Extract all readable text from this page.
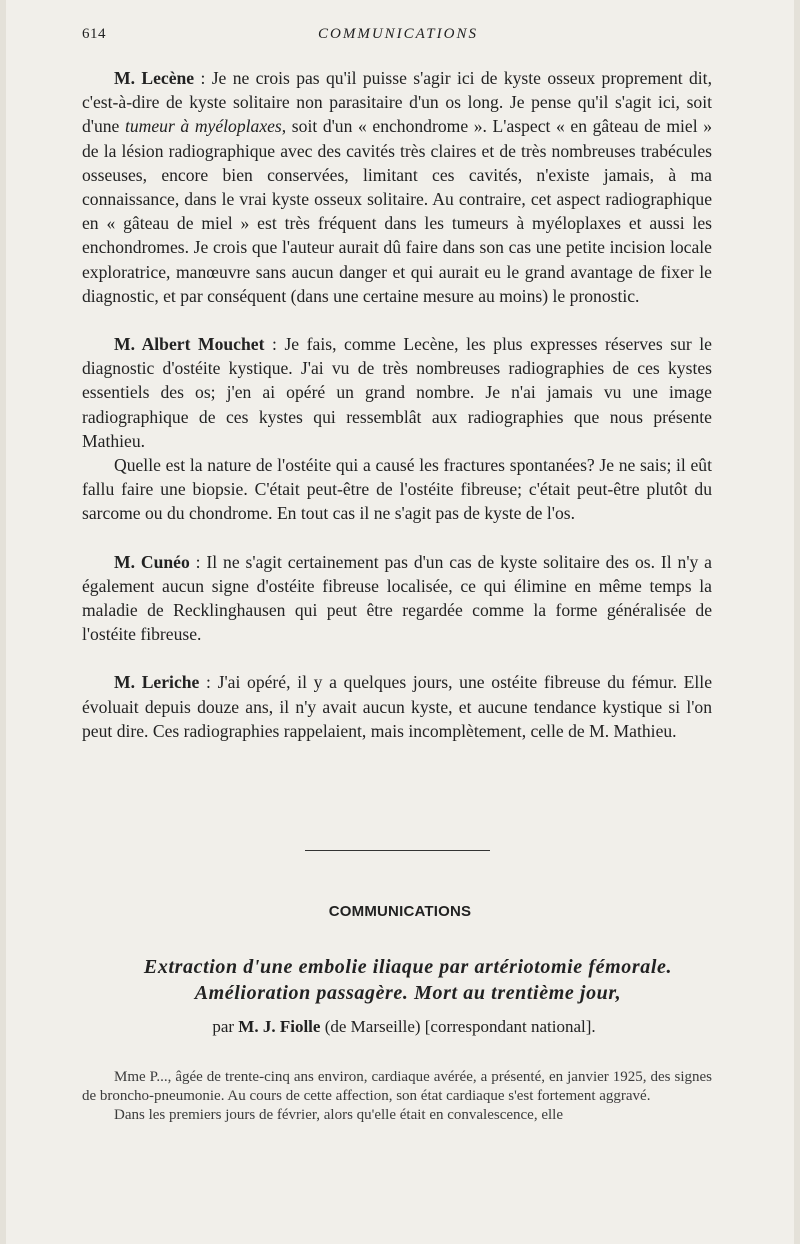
614	COMMUNICATIONS

M. Lecène : Je ne crois pas qu'il puisse s'agir ici de kyste osseux proprement dit, c'est-à-dire de kyste solitaire non parasitaire d'un os long. Je pense qu'il s'agit ici, soit d'une tumeur à myéloplaxes, soit d'un « enchondrome ». L'aspect « en gâteau de miel » de la lésion radiographique avec des cavités très claires et de très nombreuses trabécules osseuses, encore bien conservées, limitant ces cavités, n'existe jamais, à ma connaissance, dans le vrai kyste osseux solitaire. Au contraire, cet aspect radiographique en « gâteau de miel » est très fréquent dans les tumeurs à myéloplaxes et aussi les enchondromes. Je crois que l'auteur aurait dû faire dans son cas une petite incision locale exploratrice, manœuvre sans aucun danger et qui aurait eu le grand avantage de fixer le diagnostic, et par conséquent (dans une certaine mesure au moins) le pronostic.

M. Albert Mouchet : Je fais, comme Lecène, les plus expresses réserves sur le diagnostic d'ostéite kystique. J'ai vu de très nombreuses radiographies de ces kystes essentiels des os; j'en ai opéré un grand nombre. Je n'ai jamais vu une image radiographique de ces kystes qui ressemblât aux radiographies que nous présente Mathieu.

Quelle est la nature de l'ostéite qui a causé les fractures spontanées? Je ne sais; il eût fallu faire une biopsie. C'était peut-être de l'ostéite fibreuse; c'était peut-être plutôt du sarcome ou du chondrome. En tout cas il ne s'agit pas de kyste de l'os.

M. Cunéo : Il ne s'agit certainement pas d'un cas de kyste solitaire des os. Il n'y a également aucun signe d'ostéite fibreuse localisée, ce qui élimine en même temps la maladie de Recklinghausen qui peut être regardée comme la forme généralisée de l'ostéite fibreuse.

M. Leriche : J'ai opéré, il y a quelques jours, une ostéite fibreuse du fémur. Elle évoluait depuis douze ans, il n'y avait aucun kyste, et aucune tendance kystique si l'on peut dire. Ces radiographies rappelaient, mais incomplètement, celle de M. Mathieu.

COMMUNICATIONS
Extraction d'une embolie iliaque par artériotomie fémorale.
Amélioration passagère. Mort au trentième jour,
par M. J. Fiolle (de Marseille) [correspondant national].

Mme P..., âgée de trente-cinq ans environ, cardiaque avérée, a présenté, en janvier 1925, des signes de broncho-pneumonie. Au cours de cette affection, son état cardiaque s'est fortement aggravé.

Dans les premiers jours de février, alors qu'elle était en convalescence, elle
